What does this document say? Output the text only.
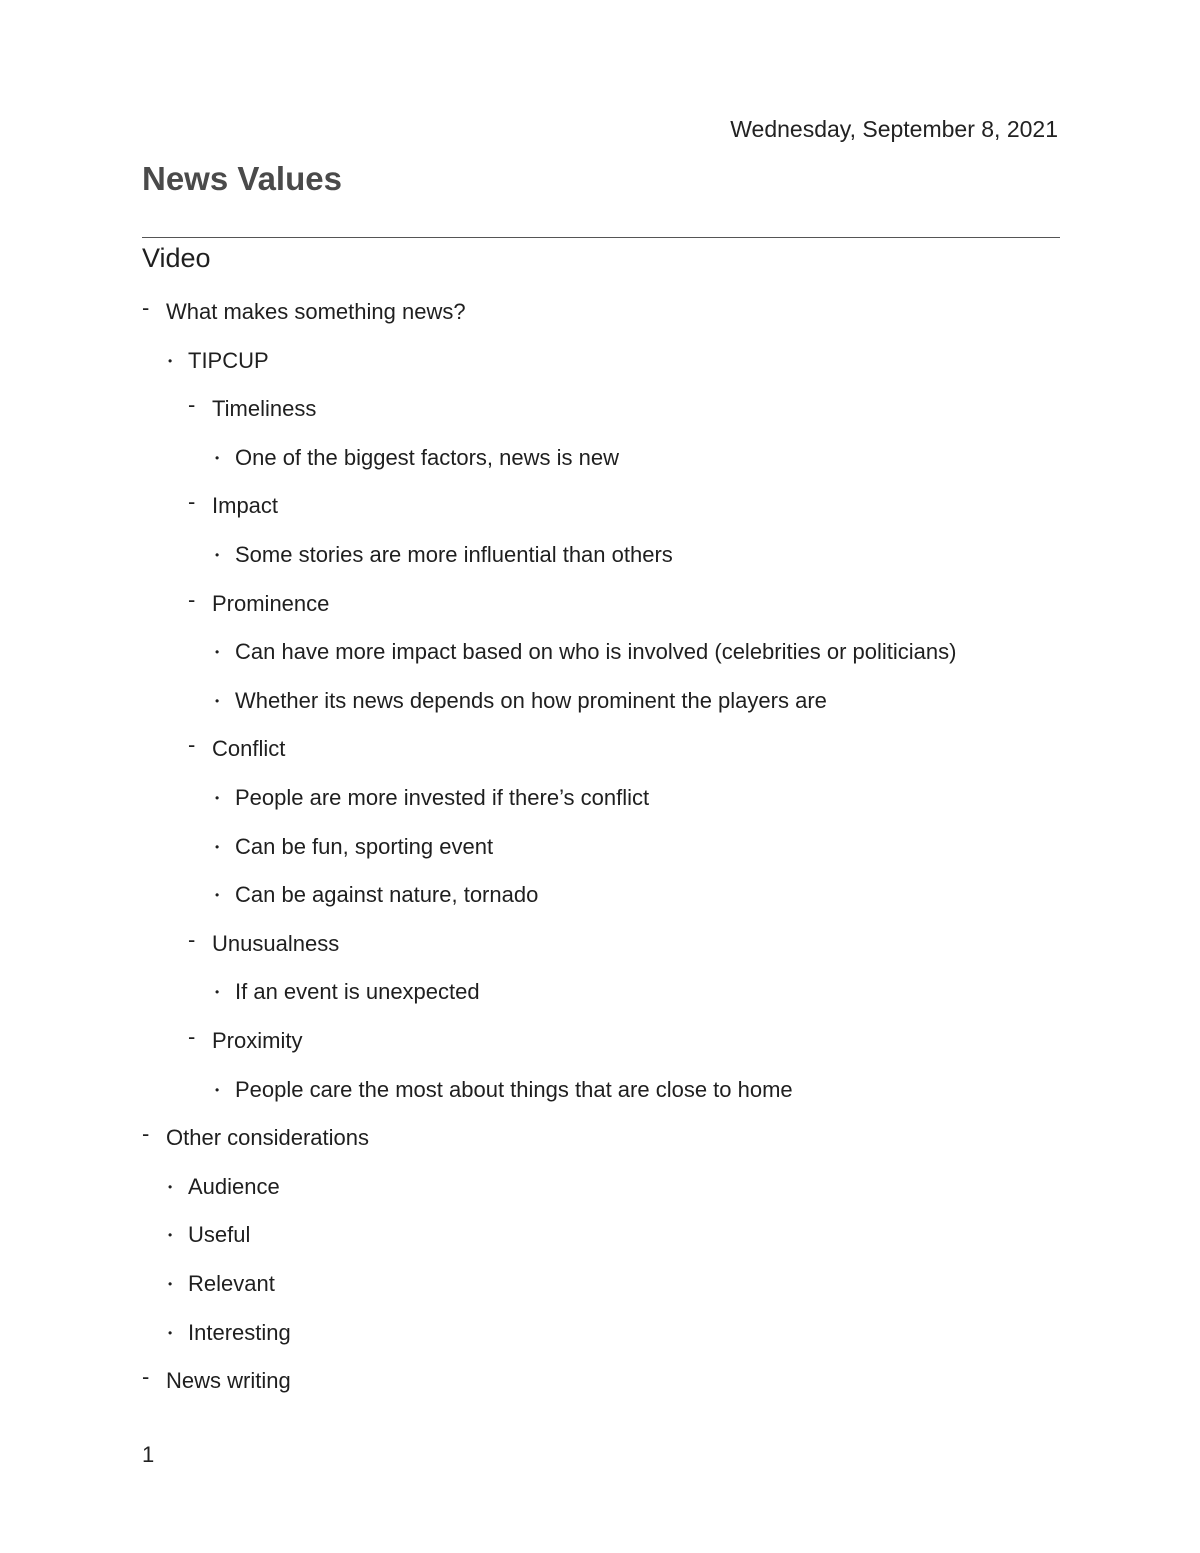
Wednesday, September 8, 2021
News Values
Video
- What makes something news?
• TIPCUP
- Timeliness
• One of the biggest factors, news is new
- Impact
• Some stories are more influential than others
- Prominence
• Can have more impact based on who is involved (celebrities or politicians)
• Whether its news depends on how prominent the players are
- Conflict
• People are more invested if there’s conflict
• Can be fun, sporting event
• Can be against nature, tornado
- Unusualness
• If an event is unexpected
- Proximity
• People care the most about things that are close to home
- Other considerations
• Audience
• Useful
• Relevant
• Interesting
- News writing
1
